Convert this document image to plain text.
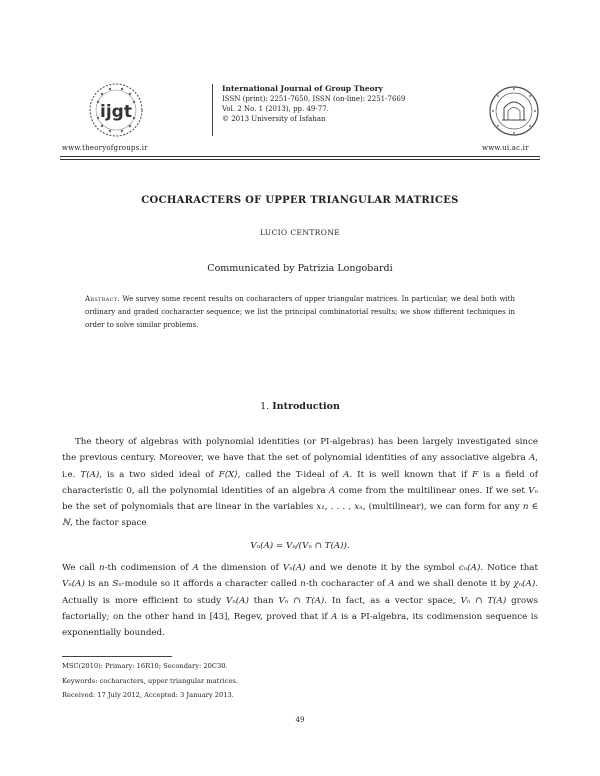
ijgt
www.theoryofgroups.ir	www.ui.ac.ir
International Journal of Group Theory
ISSN (print): 2251-7650, ISSN (on-line): 2251-7669
Vol. 2 No. 1 (2013), pp. 49-77.
© 2013 University of Isfahan
COCHARACTERS OF UPPER TRIANGULAR MATRICES
LUCIO CENTRONE
Communicated by Patrizia Longobardi
Abstract. We survey some recent results on cocharacters of upper triangular matrices. In particular, we deal both with ordinary and graded cocharacter sequence; we list the principal combinatorial results; we show different techniques in order to solve similar problems.
1. Introduction

The theory of algebras with polynomial identities (or PI-algebras) has been largely investigated since the previous century. Moreover, we have that the set of polynomial identities of any associative algebra A, i.e. T(A), is a two sided ideal of F⟨X⟩, called the T-ideal of A. It is well known that if F is a field of characteristic 0, all the polynomial identities of an algebra A come from the multilinear ones. If we set Vₙ be the set of polynomials that are linear in the variables x₁, . . . , xₙ, (multilinear), we can form for any n ∈ ℕ, the factor space

Vₙ(A) = Vₙ/(Vₙ ∩ T(A)).

We call n-th codimension of A the dimension of Vₙ(A) and we denote it by the symbol cₙ(A). Notice that Vₙ(A) is an Sₙ-module so it affords a character called n-th cocharacter of A and we shall denote it by χₙ(A). Actually is more efficient to study Vₙ(A) than Vₙ ∩ T(A). In fact, as a vector space, Vₙ ∩ T(A) grows factorially; on the other hand in [43], Regev, proved that if A is a PI-algebra, its codimension sequence is exponentially bounded.

MSC(2010): Primary: 16R10; Secondary: 20C30.
Keywords: cocharacters, upper triangular matrices.
Received: 17 July 2012, Accepted: 3 January 2013.
49
